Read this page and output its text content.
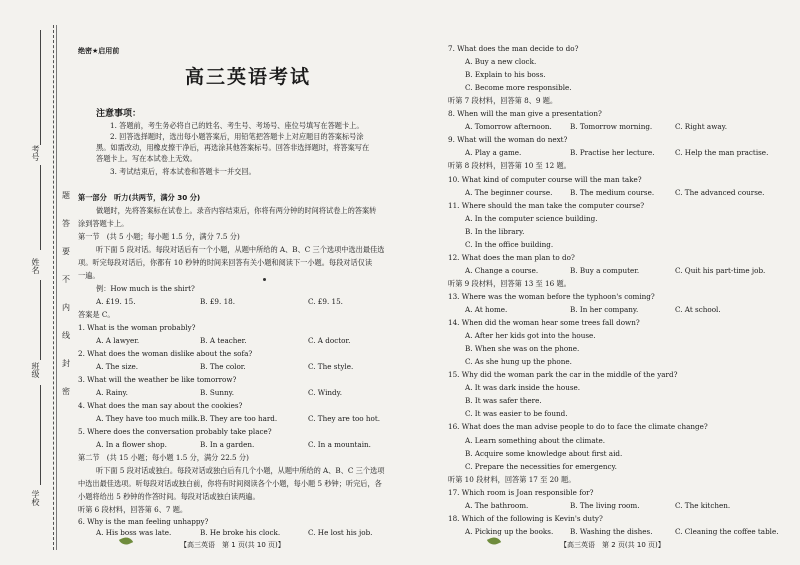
考号
姓名
班级
学校
题
答
要
不
内
线
封
密
绝密★启用前
高三英语考试
注意事项：
1. 答题前，考生务必将自己的姓名、考生号、考场号、座位号填写在答题卡上。
2. 回答选择题时，选出每小题答案后，用铅笔把答题卡上对应题目的答案标号涂
黑。如需改动，用橡皮擦干净后，再选涂其他答案标号。回答非选择题时，将答案写在
答题卡上。写在本试卷上无效。
3. 考试结束后，将本试卷和答题卡一并交回。
第一部分　听力(共两节，满分 30 分)
做题时，先将答案标在试卷上。录音内容结束后，你将有两分钟的时间将试卷上的答案转
涂到答题卡上。
第一节　(共 5 小题；每小题 1.5 分，满分 7.5 分)
听下面 5 段对话。每段对话后有一个小题，从题中所给的 A、B、C 三个选项中选出最佳选
项。听完每段对话后，你都有 10 秒钟的时间来回答有关小题和阅读下一小题。每段对话仅读
一遍。
例：How much is the shirt?
A. £19. 15.	B. £9. 18.	C. £9. 15.
答案是 C。
1. What is the woman probably?
A. A lawyer.	B. A teacher.	C. A doctor.
2. What does the woman dislike about the sofa?
A. The size.	B. The color.	C. The style.
3. What will the weather be like tomorrow?
A. Rainy.	B. Sunny.	C. Windy.
4. What does the man say about the cookies?
A. They have too much milk. B. They are too hard.	C. They are too hot.
5. Where does the conversation probably take place?
A. In a flower shop.	B. In a garden.	C. In a mountain.
第二节　(共 15 小题；每小题 1.5 分，满分 22.5 分)
听下面 5 段对话或独白。每段对话或独白后有几个小题，从题中所给的 A、B、C 三个选项
中选出最佳选项。听每段对话或独白前，你将有时间阅读各个小题，每小题 5 秒钟；听完后，各
小题将给出 5 秒钟的作答时间。每段对话或独白读两遍。
听第 6 段材料，回答第 6、7 题。
6. Why is the man feeling unhappy?
A. His boss was late.	B. He broke his clock.	C. He lost his job.
【高三英语　第 1 页(共 10 页)】
7. What does the man decide to do?
A. Buy a new clock.
B. Explain to his boss.
C. Become more responsible.
听第 7 段材料，回答第 8、9 题。
8. When will the man give a presentation?
A. Tomorrow afternoon.	B. Tomorrow morning.	C. Right away.
9. What will the woman do next?
A. Play a game.	B. Practise her lecture.	C. Help the man practise.
听第 8 段材料，回答第 10 至 12 题。
10. What kind of computer course will the man take?
A. The beginner course. B. The medium course.	C. The advanced course.
11. Where should the man take the computer course?
A. In the computer science building.
B. In the library.
C. In the office building.
12. What does the man plan to do?
A. Change a course.	B. Buy a computer.	C. Quit his part-time job.
听第 9 段材料，回答第 13 至 16 题。
13. Where was the woman before the typhoon's coming?
A. At home.	B. In her company.	C. At school.
14. When did the woman hear some trees fall down?
A. After her kids got into the house.
B. When she was on the phone.
C. As she hung up the phone.
15. Why did the woman park the car in the middle of the yard?
A. It was dark inside the house.
B. It was safer there.
C. It was easier to be found.
16. What does the man advise people to do to face the climate change?
A. Learn something about the climate.
B. Acquire some knowledge about first aid.
C. Prepare the necessities for emergency.
听第 10 段材料，回答第 17 至 20 题。
17. Which room is Joan responsible for?
A. The bathroom.	B. The living room.	C. The kitchen.
18. Which of the following is Kevin's duty?
A. Picking up the books. B. Washing the dishes.	C. Cleaning the coffee table.
【高三英语　第 2 页(共 10 页)】
